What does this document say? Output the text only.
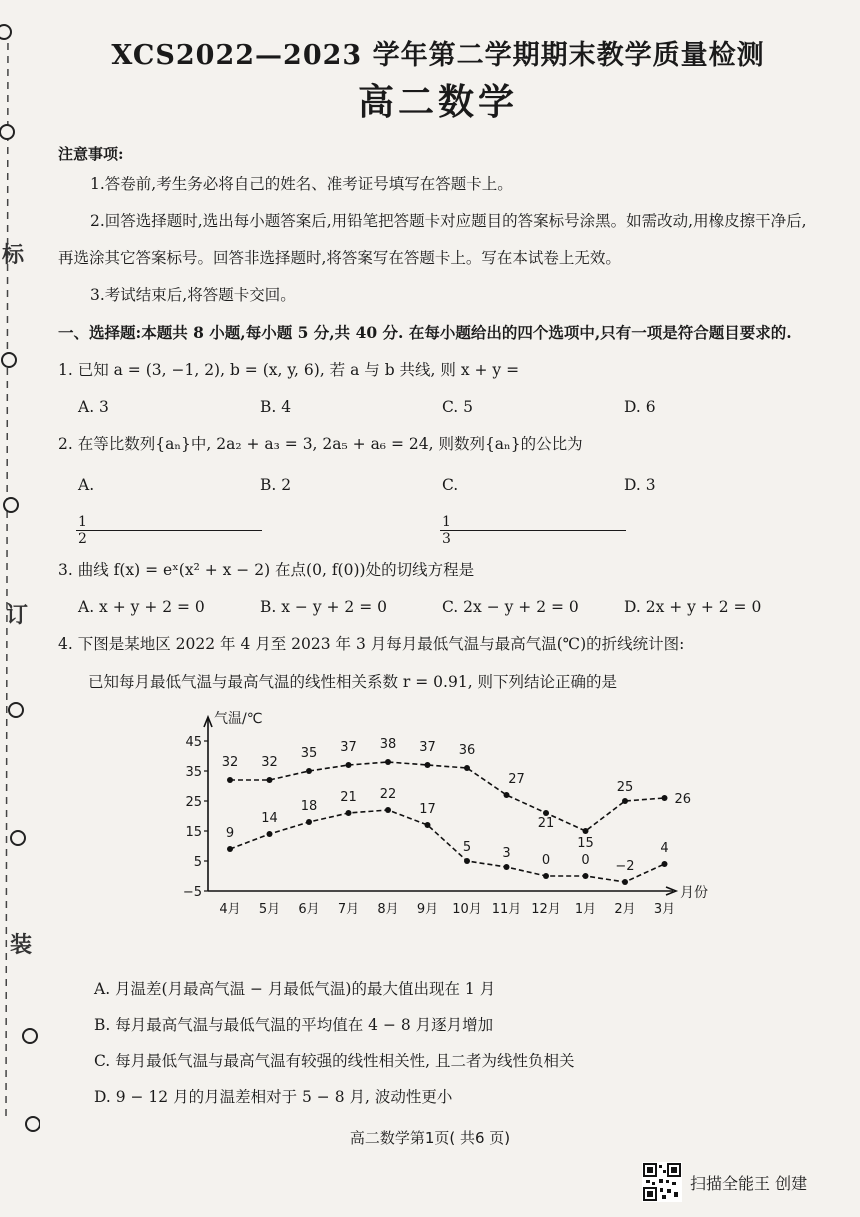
标
订
装
XCS2022—2023 学年第二学期期末教学质量检测
高二数学
注意事项:

1.答卷前,考生务必将自己的姓名、准考证号填写在答题卡上。

2.回答选择题时,选出每小题答案后,用铅笔把答题卡对应题目的答案标号涂黑。如需改动,用橡皮擦干净后,再选涂其它答案标号。回答非选择题时,将答案写在答题卡上。写在本试卷上无效。

3.考试结束后,将答题卡交回。

一、选择题:本题共 8 小题,每小题 5 分,共 40 分. 在每小题给出的四个选项中,只有一项是符合题目要求的.

1. 已知 a = (3, −1, 2), b = (x, y, 6), 若 a 与 b 共线, 则 x + y =

A. 3	B. 4	C. 5	D. 6

2. 在等比数列{aₙ}中, 2a₂ + a₃ = 3, 2a₅ + a₆ = 24, 则数列{aₙ}的公比为

A.
$\frac{1}{2}$
B. 2	C.
$\frac{1}{3}$
D. 3

3. 曲线 f(x) = eˣ(x² + x − 2) 在点(0, f(0))处的切线方程是

A. x + y + 2 = 0	B. x − y + 2 = 0	C. 2x − y + 2 = 0	D. 2x + y + 2 = 0

4. 下图是某地区 2022 年 4 月至 2023 年 3 月每月最低气温与最高气温(℃)的折线统计图:

已知每月最低气温与最高气温的线性相关系数 r = 0.91, 则下列结论正确的是

气温/℃
月份
−5
5
15
25
35
45
4月 5月 6月 7月 8月 9月 10月 11月 12月 1月 2月 3月
32 32
35 37 38 37 36
27
21
15
25
26
9
14
18
21 22
17
5 3 0 0 −2
4

A. 月温差(月最高气温 − 月最低气温)的最大值出现在 1 月

B. 每月最高气温与最低气温的平均值在 4 − 8 月逐月增加

C. 每月最低气温与最高气温有较强的线性相关性, 且二者为线性负相关

D. 9 − 12 月的月温差相对于 5 − 8 月, 波动性更小

高二数学第1页( 共6 页)
扫描全能王 创建
